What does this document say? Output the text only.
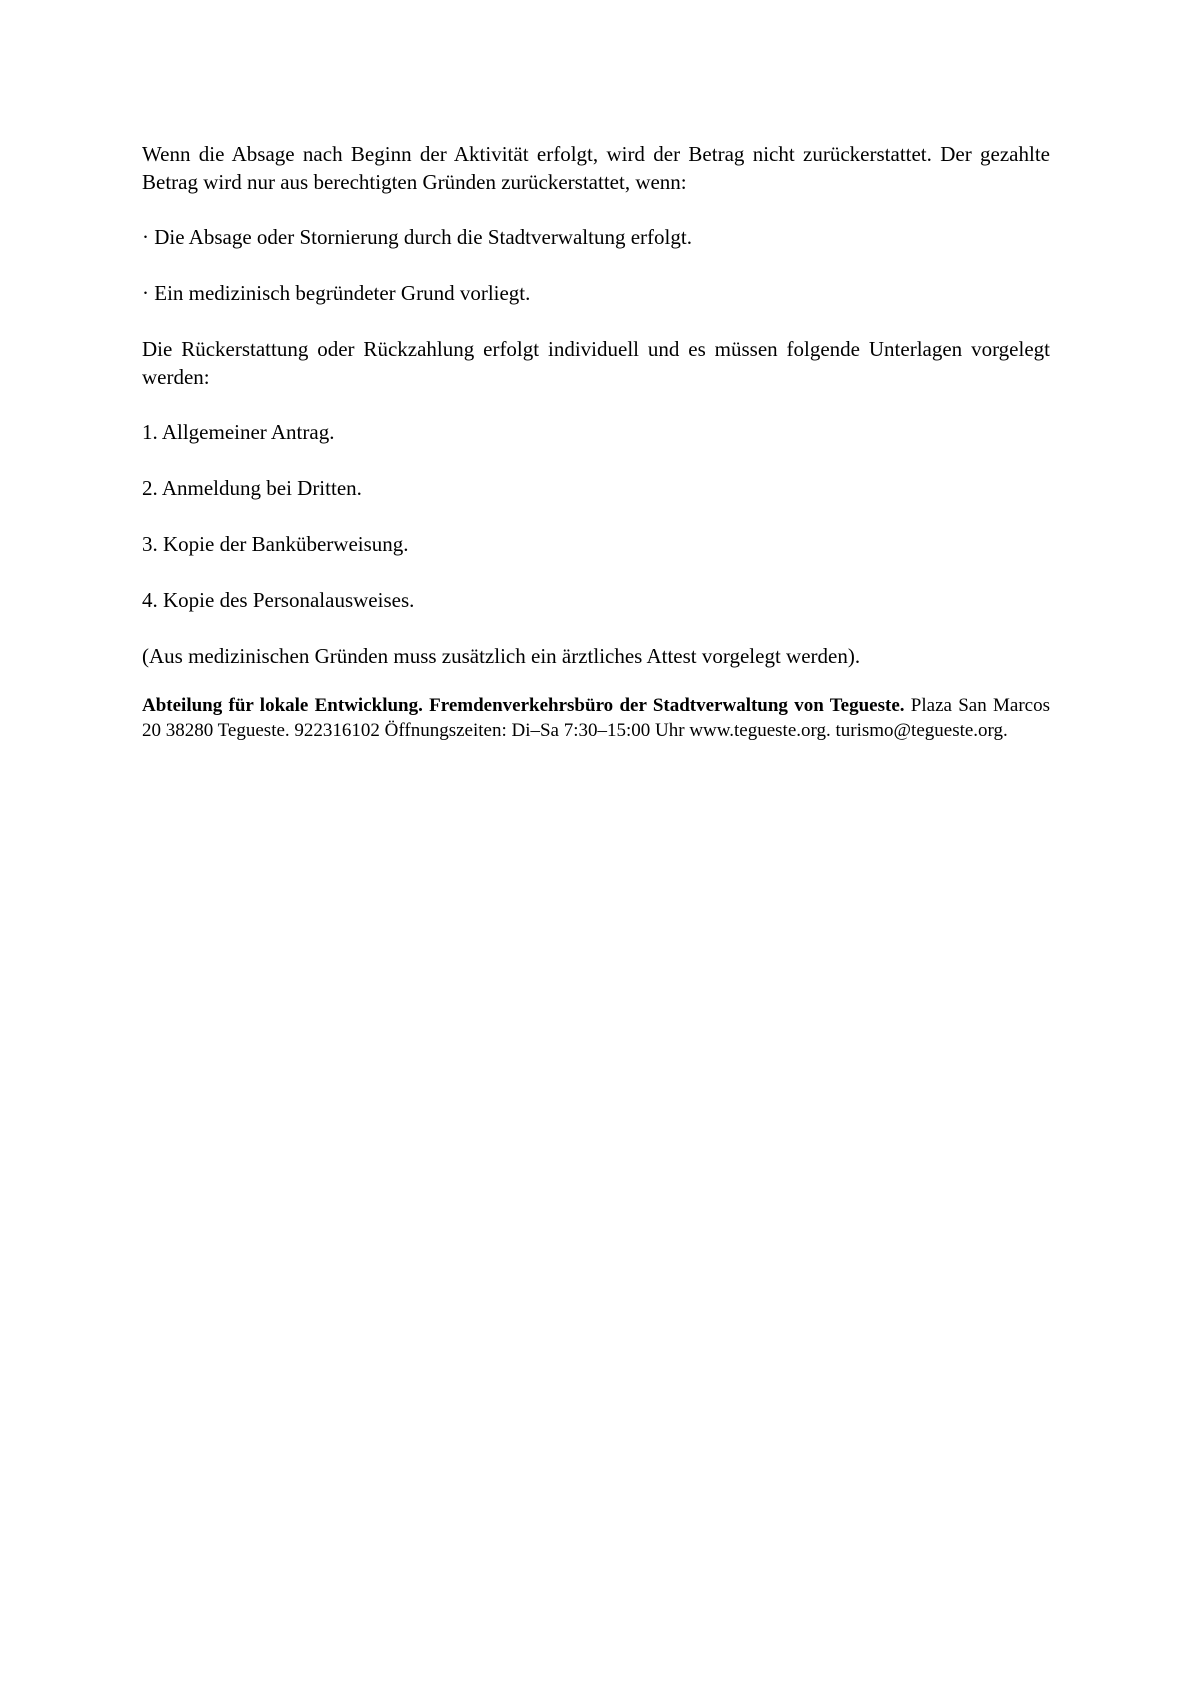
Wenn die Absage nach Beginn der Aktivität erfolgt, wird der Betrag nicht zurückerstattet. Der gezahlte Betrag wird nur aus berechtigten Gründen zurückerstattet, wenn:

· Die Absage oder Stornierung durch die Stadtverwaltung erfolgt.

· Ein medizinisch begründeter Grund vorliegt.

Die Rückerstattung oder Rückzahlung erfolgt individuell und es müssen folgende Unterlagen vorgelegt werden:

1. Allgemeiner Antrag.

2. Anmeldung bei Dritten.

3. Kopie der Banküberweisung.

4. Kopie des Personalausweises.

(Aus medizinischen Gründen muss zusätzlich ein ärztliches Attest vorgelegt werden).

Abteilung für lokale Entwicklung. Fremdenverkehrsbüro der Stadtverwaltung von Tegueste. Plaza San Marcos 20 38280 Tegueste. 922316102 Öffnungszeiten: Di–Sa 7:30–15:00 Uhr www.tegueste.org. turismo@tegueste.org.
